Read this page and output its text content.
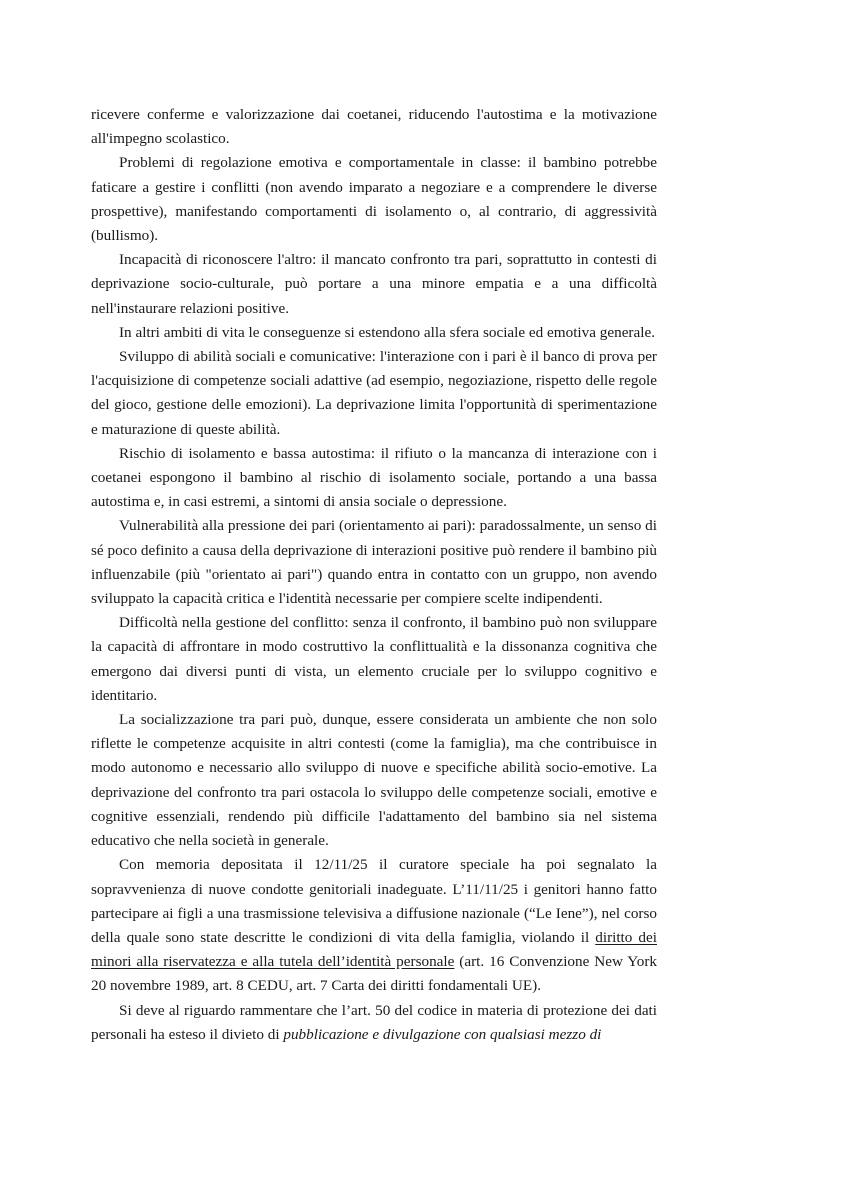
ricevere conferme e valorizzazione dai coetanei, riducendo l'autostima e la motivazione all'impegno scolastico.

Problemi di regolazione emotiva e comportamentale in classe: il bambino potrebbe faticare a gestire i conflitti (non avendo imparato a negoziare e a comprendere le diverse prospettive), manifestando comportamenti di isolamento o, al contrario, di aggressività (bullismo).

Incapacità di riconoscere l'altro: il mancato confronto tra pari, soprattutto in contesti di deprivazione socio-culturale, può portare a una minore empatia e a una difficoltà nell'instaurare relazioni positive.

In altri ambiti di vita le conseguenze si estendono alla sfera sociale ed emotiva generale.

Sviluppo di abilità sociali e comunicative: l'interazione con i pari è il banco di prova per l'acquisizione di competenze sociali adattive (ad esempio, negoziazione, rispetto delle regole del gioco, gestione delle emozioni). La deprivazione limita l'opportunità di sperimentazione e maturazione di queste abilità.

Rischio di isolamento e bassa autostima: il rifiuto o la mancanza di interazione con i coetanei espongono il bambino al rischio di isolamento sociale, portando a una bassa autostima e, in casi estremi, a sintomi di ansia sociale o depressione.

Vulnerabilità alla pressione dei pari (orientamento ai pari): paradossalmente, un senso di sé poco definito a causa della deprivazione di interazioni positive può rendere il bambino più influenzabile (più "orientato ai pari") quando entra in contatto con un gruppo, non avendo sviluppato la capacità critica e l'identità necessarie per compiere scelte indipendenti.

Difficoltà nella gestione del conflitto: senza il confronto, il bambino può non sviluppare la capacità di affrontare in modo costruttivo la conflittualità e la dissonanza cognitiva che emergono dai diversi punti di vista, un elemento cruciale per lo sviluppo cognitivo e identitario.

La socializzazione tra pari può, dunque, essere considerata un ambiente che non solo riflette le competenze acquisite in altri contesti (come la famiglia), ma che contribuisce in modo autonomo e necessario allo sviluppo di nuove e specifiche abilità socio-emotive. La deprivazione del confronto tra pari ostacola lo sviluppo delle competenze sociali, emotive e cognitive essenziali, rendendo più difficile l'adattamento del bambino sia nel sistema educativo che nella società in generale.

Con memoria depositata il 12/11/25 il curatore speciale ha poi segnalato la sopravvenienza di nuove condotte genitoriali inadeguate. L’11/11/25 i genitori hanno fatto partecipare ai figli a una trasmissione televisiva a diffusione nazionale (“Le Iene”), nel corso della quale sono state descritte le condizioni di vita della famiglia, violando il diritto dei minori alla riservatezza e alla tutela dell’identità personale (art. 16 Convenzione New York 20 novembre 1989, art. 8 CEDU, art. 7 Carta dei diritti fondamentali UE).

Si deve al riguardo rammentare che l’art. 50 del codice in materia di protezione dei dati personali ha esteso il divieto di pubblicazione e divulgazione con qualsiasi mezzo di
